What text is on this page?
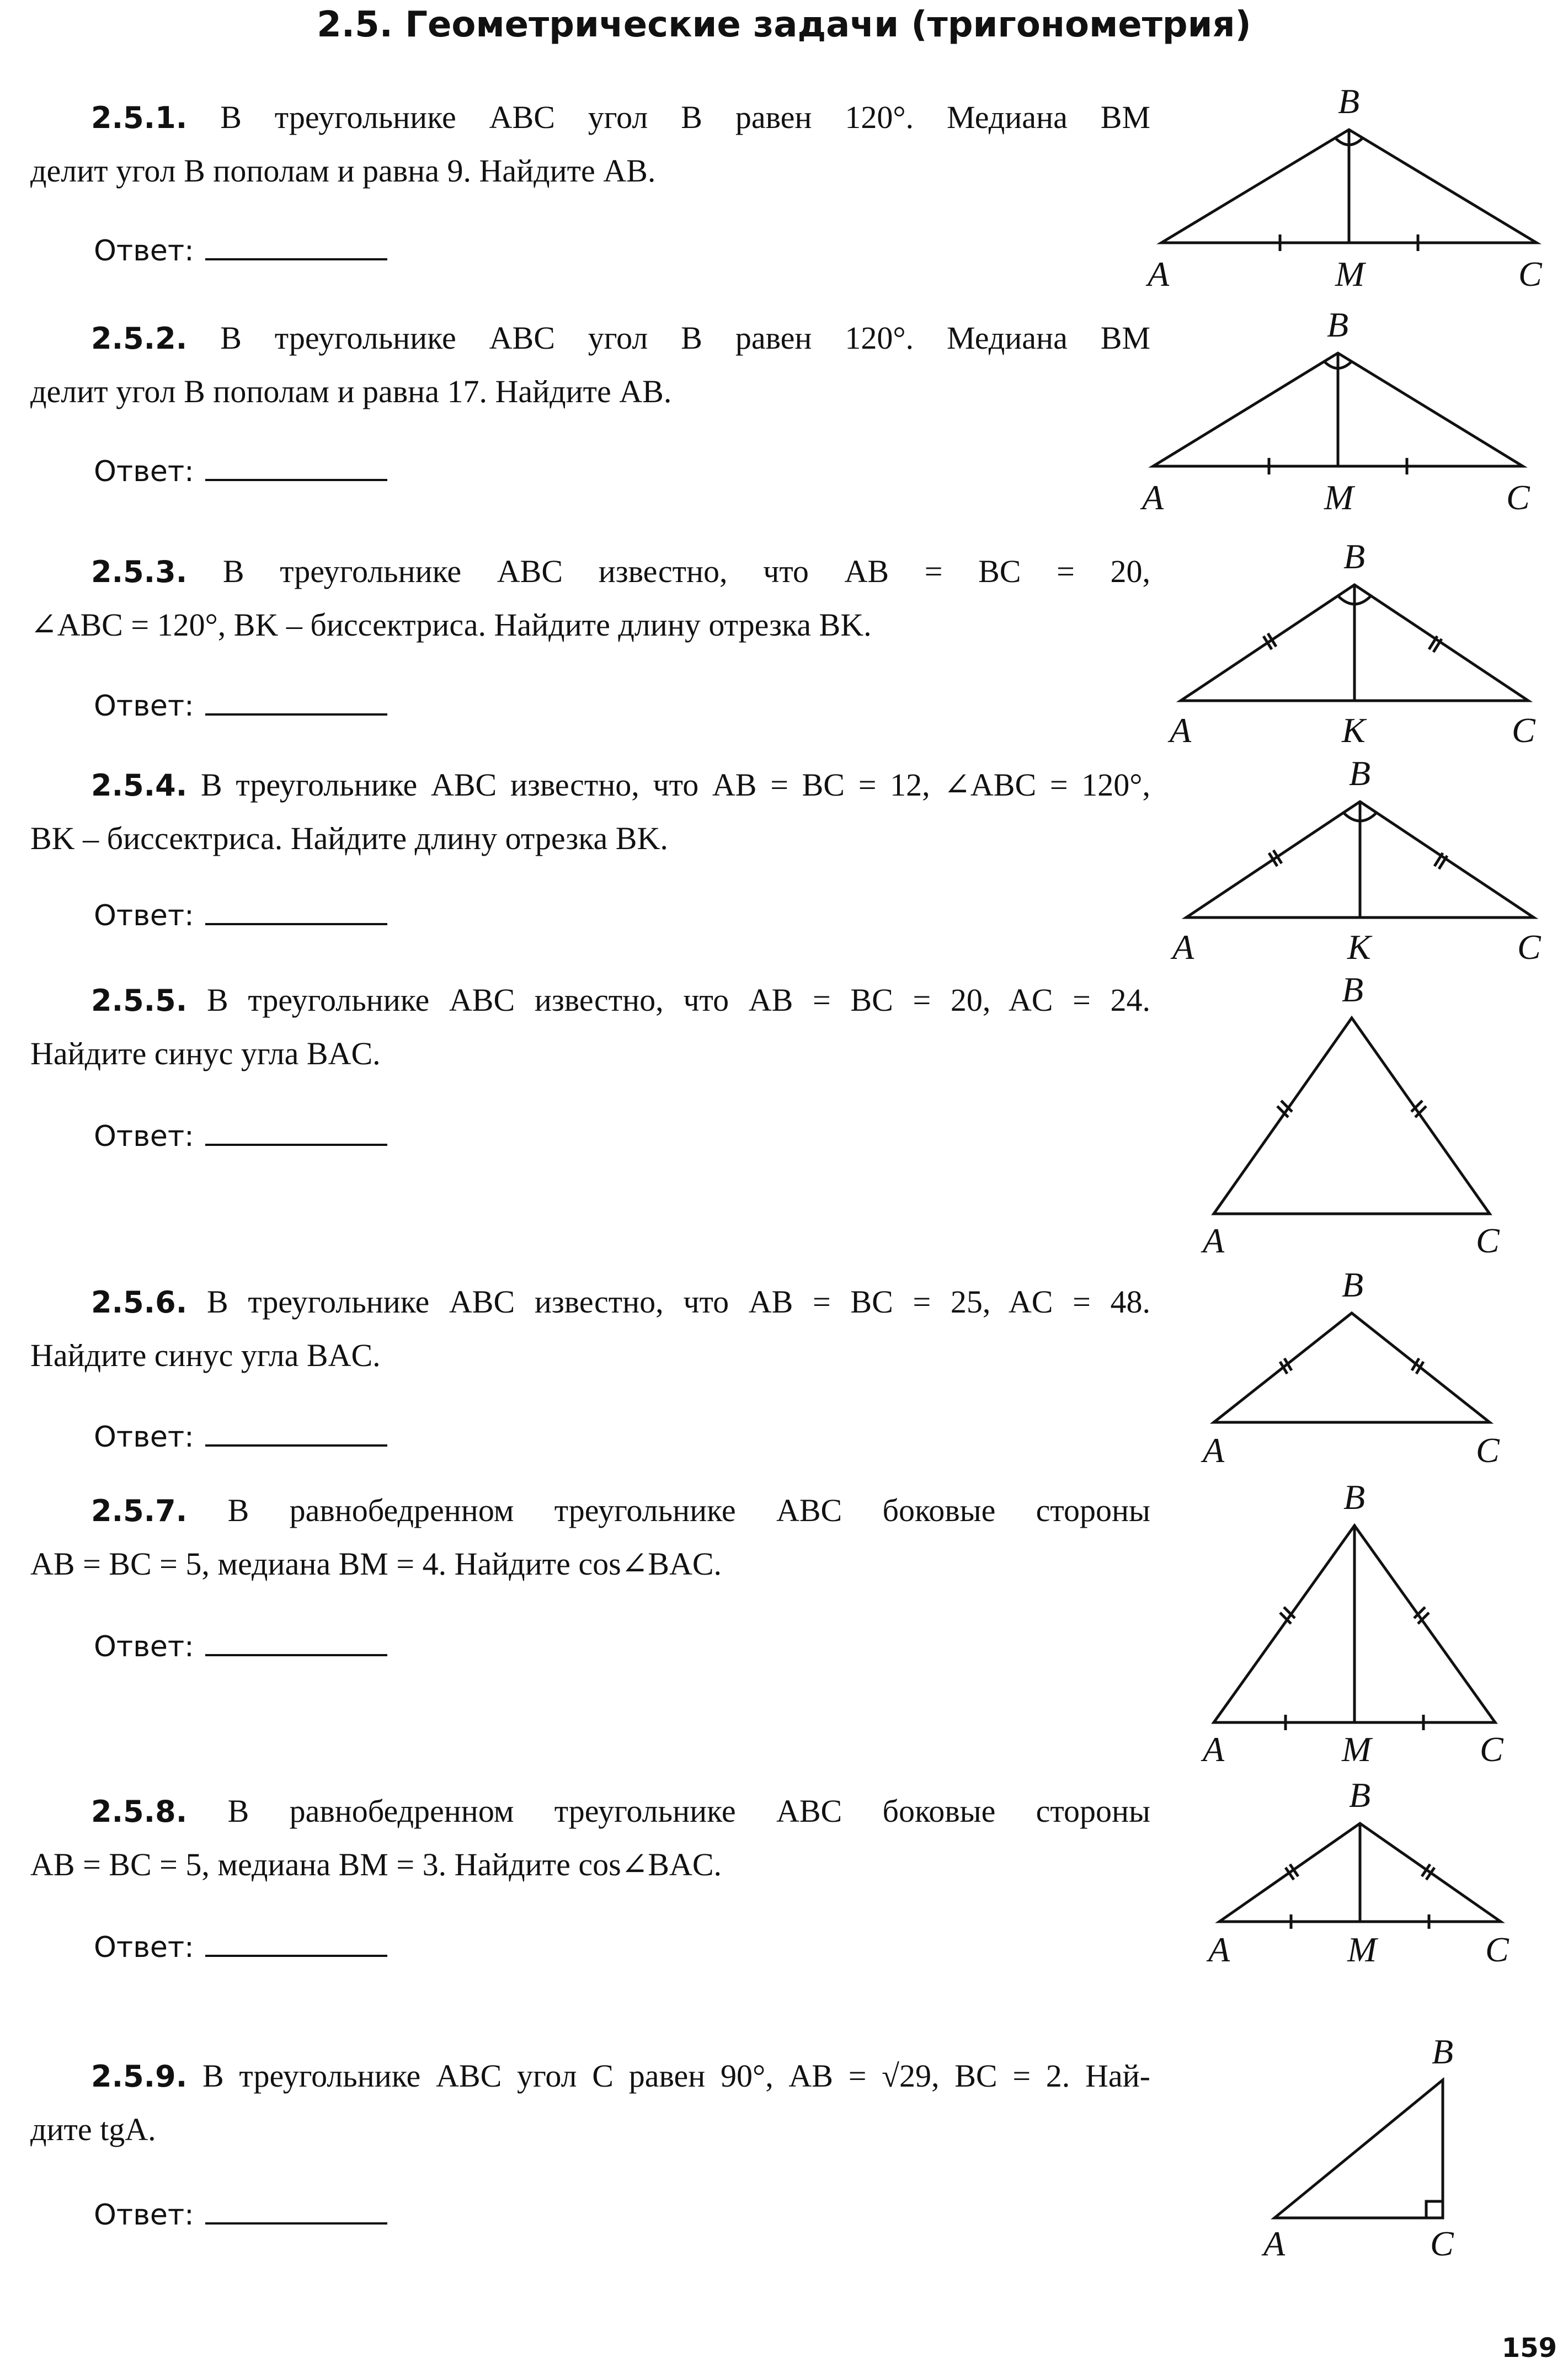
2.5. Геометрические задачи (тригонометрия)
2.5.1. В треугольнике ABC угол B равен 120°. Медиана BM
делит угол B пополам и равна 9. Найдите AB.
Ответ:
B
A	M	C
2.5.2. В треугольнике ABC угол B равен 120°. Медиана BM
делит угол B пополам и равна 17. Найдите AB.
Ответ:
B
A	M	C
2.5.3. В треугольнике ABC известно, что AB = BC = 20,
∠ABC = 120°, BK – биссектриса. Найдите длину отрезка BK.
Ответ:
B
A	K	C
2.5.4. В треугольнике ABC известно, что AB = BC = 12, ∠ABC = 120°,
BK – биссектриса. Найдите длину отрезка BK.
Ответ:
B
A	K	C
2.5.5. В треугольнике ABC известно, что AB = BC = 20, AC = 24.
Найдите синус угла BAC.
Ответ:
B
A	C
2.5.6. В треугольнике ABC известно, что AB = BC = 25, AC = 48.
Найдите синус угла BAC.
Ответ:
B
A	C
2.5.7. В равнобедренном треугольнике ABC боковые стороны
AB = BC = 5, медиана BM = 4. Найдите cos∠BAC.
Ответ:
B
A	M	C
2.5.8. В равнобедренном треугольнике ABC боковые стороны
AB = BC = 5, медиана BM = 3. Найдите cos∠BAC.
Ответ:
B
A	M	C
2.5.9. В треугольнике ABC угол C равен 90°, AB = √29, BC = 2. Най-
дите tgA.
Ответ:
B
A	C
159
